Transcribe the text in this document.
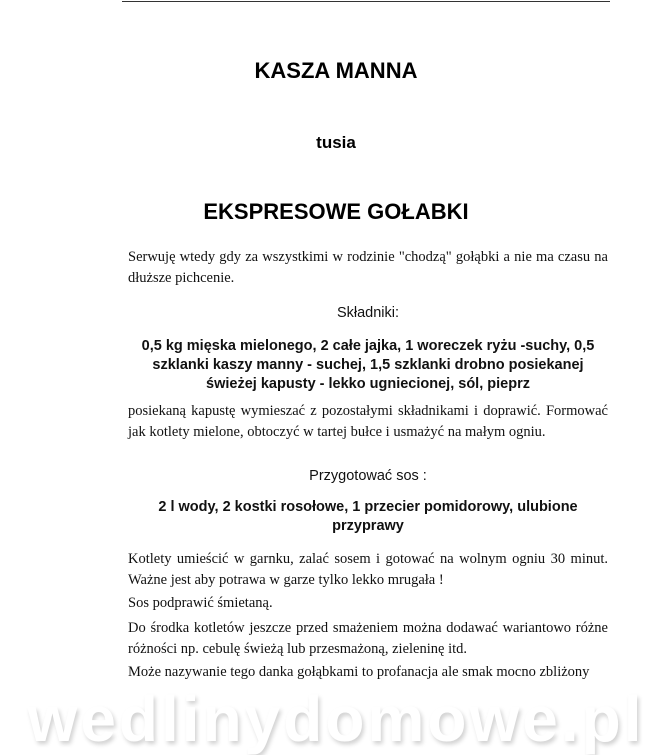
KASZA MANNA
tusia
EKSPRESOWE GOŁABKI

Serwuję wtedy gdy za wszystkimi w rodzinie "chodzą" gołąbki a nie ma czasu na dłuższe pichcenie.

Składniki:

0,5 kg mięska mielonego, 2 całe jajka, 1 woreczek ryżu -suchy, 0,5 szklanki kaszy manny - suchej, 1,5 szklanki drobno posiekanej świeżej kapusty - lekko ugniecionej, sól, pieprz

posiekaną kapustę wymieszać z pozostałymi składnikami i doprawić. Formować jak kotlety mielone, obtoczyć w tartej bułce i usmażyć na małym ogniu.

Przygotować sos :

2 l wody, 2 kostki rosołowe, 1 przecier pomidorowy, ulubione przyprawy

Kotlety umieścić w garnku, zalać sosem i gotować na wolnym ogniu 30 minut. Ważne jest aby potrawa w garze tylko lekko mrugała !

Sos podprawić śmietaną.

Do środka kotletów jeszcze przed smażeniem można dodawać wariantowo różne różności np. cebulę świeżą lub przesmażoną, zieleninę itd.

Może nazywanie tego danka gołąbkami to profanacja ale smak mocno zbliżony

wedlinydomowe.pl
